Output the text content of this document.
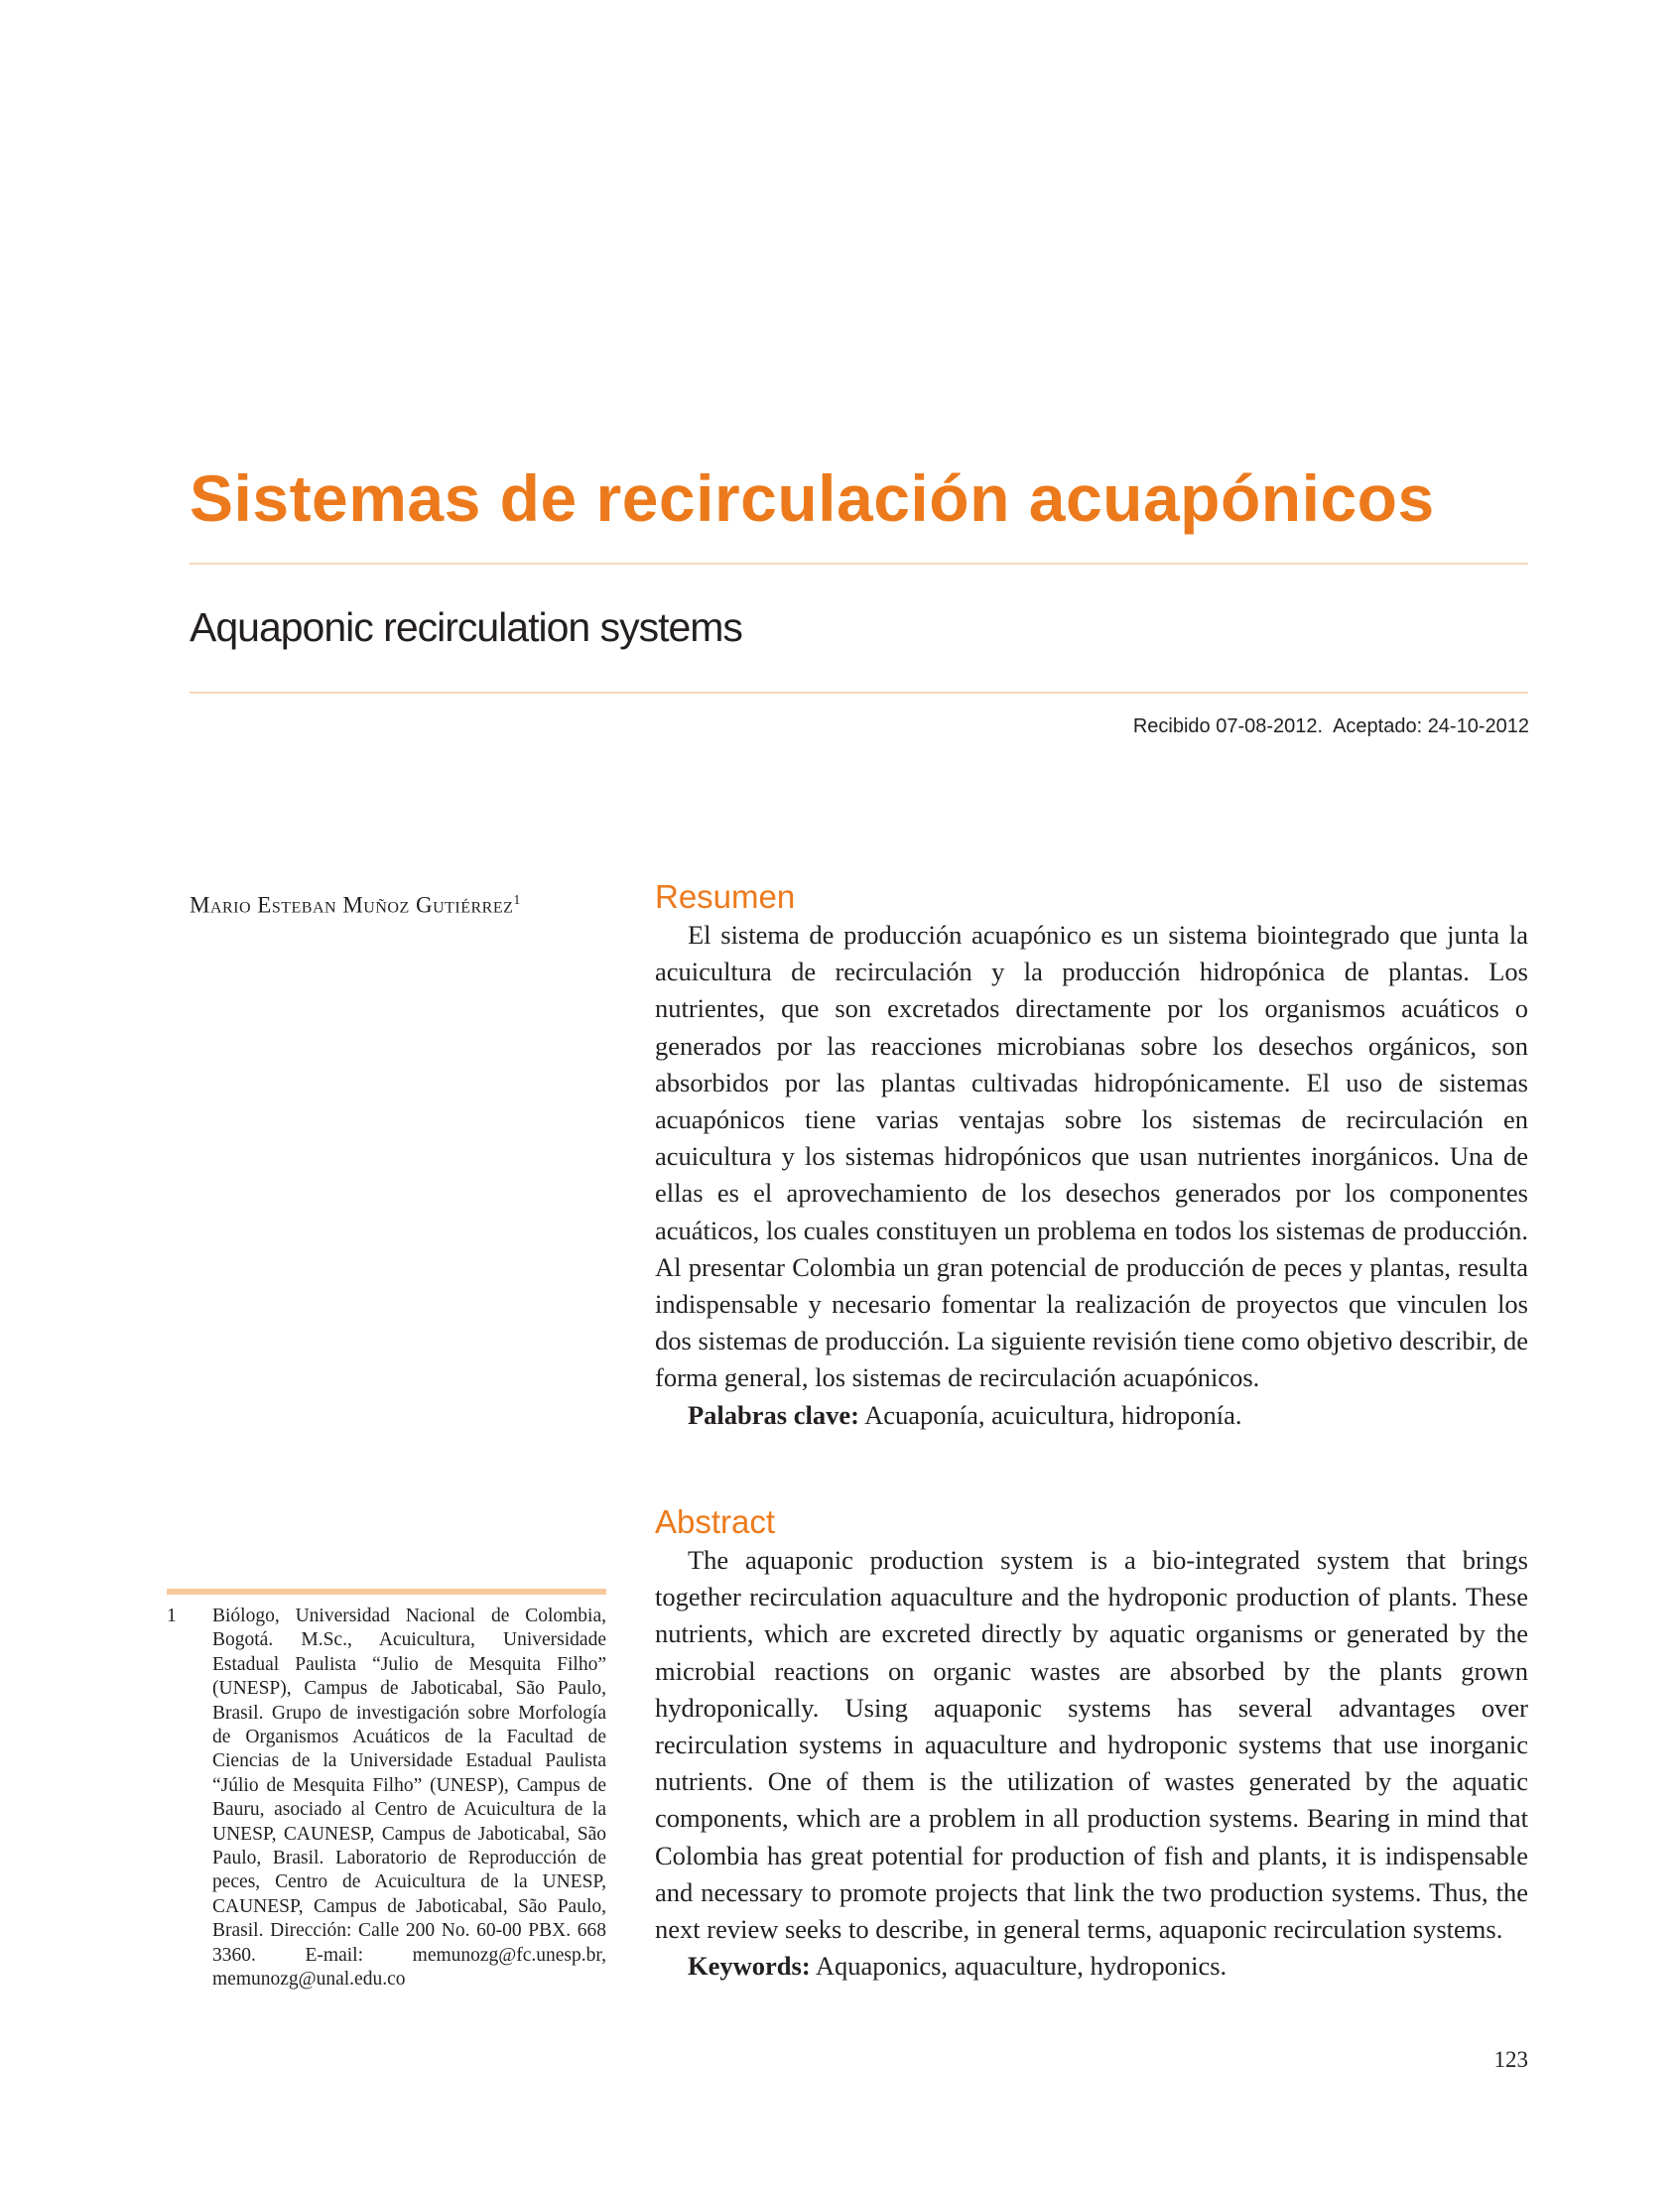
Sistemas de recirculación acuapónicos
Aquaponic recirculation systems
Recibido 07-08-2012. Aceptado: 24-10-2012
Mario Esteban Muñoz Gutiérrez$^1$	Resumen

El sistema de producción acuapónico es un sistema biointegrado que junta la acuicultura de recirculación y la producción hidropónica de plantas. Los nutrientes, que son excretados directamente por los organismos acuáticos o generados por las reacciones microbianas sobre los desechos orgánicos, son absorbidos por las plantas cultivadas hidropónicamente. El uso de sistemas acuapónicos tiene varias ventajas sobre los sistemas de recirculación en acuicultura y los sistemas hidropónicos que usan nutrientes inorgánicos. Una de ellas es el aprovechamiento de los desechos generados por los componentes acuáticos, los cuales constituyen un problema en todos los sistemas de producción. Al presentar Colombia un gran potencial de producción de peces y plantas, resulta indispensable y necesario fomentar la realización de proyectos que vinculen los dos sistemas de producción. La siguiente revisión tiene como objetivo describir, de forma general, los sistemas de recirculación acuapónicos.

Palabras clave: Acuaponía, acuicultura, hidroponía.

Abstract

The aquaponic production system is a bio-integrated system that brings together recirculation aquaculture and the hydroponic production of plants. These nutrients, which are excreted directly by aquatic organisms or generated by the microbial reactions on organic wastes are absorbed by the plants grown hydroponically. Using aquaponic systems has several advantages over recirculation systems in aquaculture and hydroponic systems that use inorganic nutrients. One of them is the utilization of wastes generated by the aquatic components, which are a problem in all production systems. Bearing in mind that Colombia has great potential for production of fish and plants, it is indispensable and necessary to promote projects that link the two production systems. Thus, the next review seeks to describe, in general terms, aquaponic recirculation systems.

Keywords: Aquaponics, aquaculture, hydroponics.

1 Biólogo, Universidad Nacional de Colombia, Bogotá. M.Sc., Acuicultura, Universidade Estadual Paulista “Julio de Mesquita Filho” (UNESP), Campus de Jaboticabal, São Paulo, Brasil. Grupo de investigación sobre Morfología de Organismos Acuáticos de la Facultad de Ciencias de la Universidade Estadual Paulista “Júlio de Mesquita Filho” (UNESP), Campus de Bauru, asociado al Centro de Acuicultura de la UNESP, CAUNESP, Campus de Jaboticabal, São Paulo, Brasil. Laboratorio de Reproducción de peces, Centro de Acuicultura de la UNESP, CAUNESP, Campus de Jaboticabal, São Paulo, Brasil. Dirección: Calle 200 No. 60-00 PBX. 668 3360. E-mail: memunozg@fc.unesp.br, memunozg@unal.edu.co

123
